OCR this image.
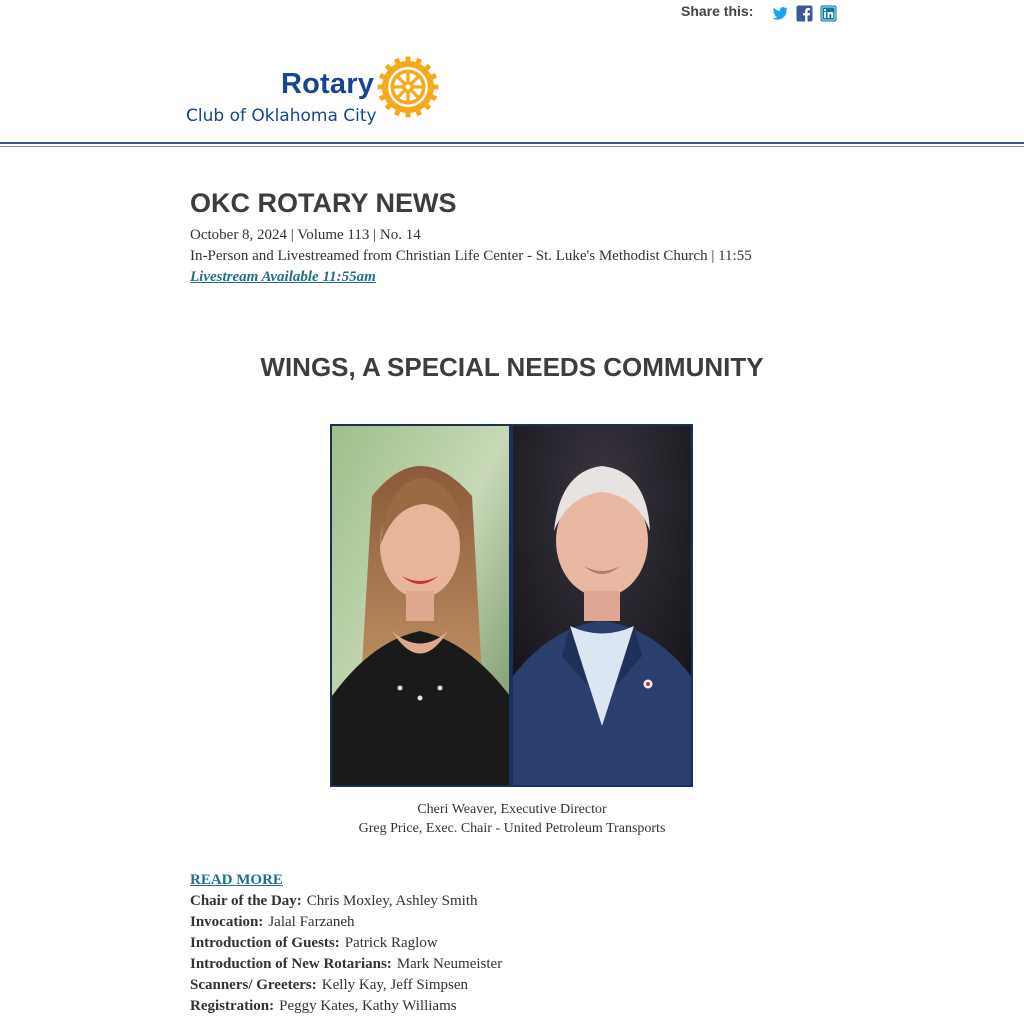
Share this:
Rotary
Club of Oklahoma City
OKC ROTARY NEWS
October 8, 2024 | Volume 113 | No. 14
In-Person and Livestreamed from Christian Life Center - St. Luke's Methodist Church | 11:55
Livestream Available 11:55am
WINGS, A SPECIAL NEEDS COMMUNITY
Cheri Weaver, Executive Director
Greg Price, Exec. Chair - United Petroleum Transports
READ MORE
Chair of the Day: Chris Moxley, Ashley Smith
Invocation: Jalal Farzaneh
Introduction of Guests: Patrick Raglow
Introduction of New Rotarians: Mark Neumeister
Scanners/ Greeters: Kelly Kay, Jeff Simpsen
Registration: Peggy Kates, Kathy Williams
